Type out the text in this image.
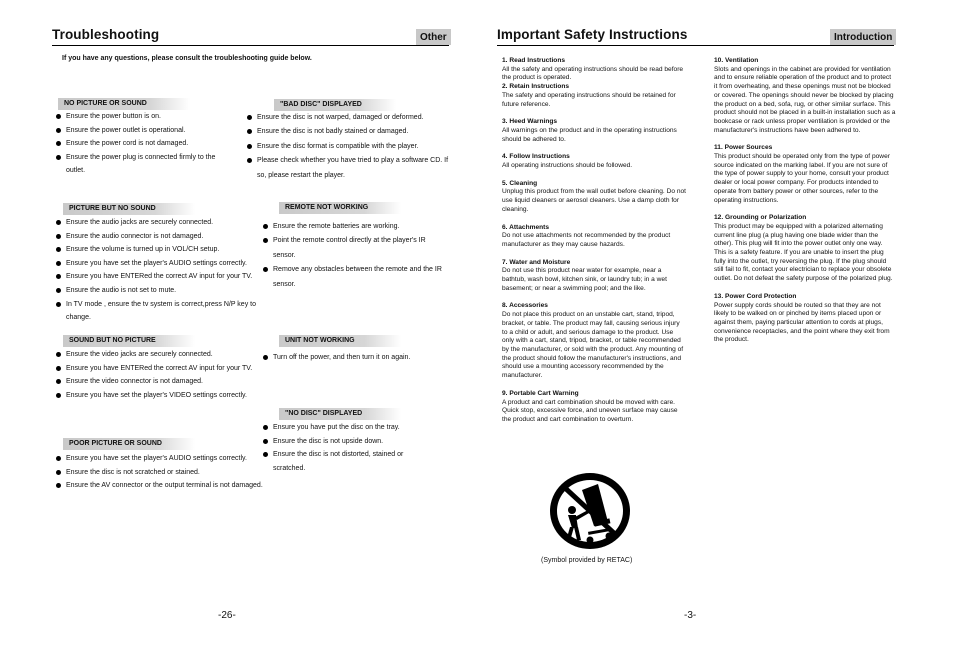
Troubleshooting	Other
If you have any questions, please consult the troubleshooting guide below.
NO PICTURE OR SOUND
Ensure the power button is on.
Ensure the power outlet is operational.
Ensure the power cord is not damaged.
Ensure the power plug is connected firmly to the outlet.
PICTURE BUT NO SOUND
Ensure the audio jacks are securely connected.
Ensure the audio connector is not damaged.
Ensure the volume is turned up in VOL/CH setup.
Ensure you have set the player's AUDIO settings correctly.
Ensure you have ENTERed the correct AV input for your TV.
Ensure the audio is not set to mute.
In TV mode , ensure the tv system is correct,press N/P key to change.
SOUND BUT NO PICTURE
Ensure the video jacks are securely connected.
Ensure you have ENTERed the correct AV input for your TV.
Ensure the video connector is not damaged.
Ensure you have set the player's VIDEO settings correctly.
POOR PICTURE OR SOUND
Ensure you have set the player's AUDIO settings correctly.
Ensure the disc is not scratched or stained.
Ensure the AV connector or the output terminal is not damaged.
"BAD DISC" DISPLAYED
Ensure the disc is not warped, damaged or deformed.
Ensure the disc is not badly stained or damaged.
Ensure the disc format is compatible with the player.
Please check whether you have tried to play a software CD. If so, please restart the player.
REMOTE NOT WORKING
Ensure the remote batteries are working.
Point the remote control directly at the player's IR sensor.
Remove any obstacles between the remote and the IR sensor.
UNIT NOT WORKING
Turn off the power, and then turn it on again.
"NO DISC" DISPLAYED
Ensure you have put the disc on the tray.
Ensure the disc is not upside down.
Ensure the disc is not distorted, stained or scratched.
-26-
Important Safety Instructions	Introduction
1. Read Instructions

All the safety and operating instructions should be read before the product is operated.

2. Retain Instructions

The safety and operating instructions should be retained for future reference.

3. Heed Warnings

All warnings on the product and in the operating instructions should be adhered to.

4. Follow Instructions

All operating instructions should be followed.

5. Cleaning

Unplug this product from the wall outlet before cleaning. Do not use liquid cleaners or aerosol cleaners. Use a damp cloth for cleaning.

6. Attachments

Do not use attachments not recommended by the product manufacturer as they may cause hazards.

7. Water and Moisture

Do not use this product near water for example, near a bathtub, wash bowl, kitchen sink, or laundry tub; in a wet basement; or near a swimming pool; and the like.

8. Accessories

Do not place this product on an unstable cart, stand, tripod, bracket, or table. The product may fall, causing serious injury to a child or adult, and serious damage to the product. Use only with a cart, stand, tripod, bracket, or table recommended by the manufacturer, or sold with the product. Any mounting of the product should follow the manufacturer's instructions, and should use a mounting accessory recommended by the manufacturer.

9. Portable Cart Warning

A product and cart combination should be moved with care. Quick stop, excessive force, and uneven surface may cause the product and cart combination to overturn.

10. Ventilation

Slots and openings in the cabinet are provided for ventilation and to ensure reliable operation of the product and to protect it from overheating, and these openings must not be blocked or covered. The openings should never be blocked by placing the product on a bed, sofa, rug, or other similar surface. This product should not be placed in a built-in installation such as a bookcase or rack unless proper ventilation is provided or the manufacturer's instructions have been adhered to.

11. Power Sources

This product should be operated only from the type of power source indicated on the marking label. If you are not sure of the type of power supply to your home, consult your product dealer or local power company. For products intended to operate from battery power or other sources, refer to the operating instructions.

12. Grounding or Polarization

This product may be equipped with a polarized alternating current line plug (a plug having one blade wider than the other). This plug will fit into the power outlet only one way. This is a safety feature. If you are unable to insert the plug fully into the outlet, try reversing the plug. If the plug should still fail to fit, contact your electrician to replace your obsolete outlet. Do not defeat the safety purpose of the polarized plug.

13. Power Cord Protection

Power supply cords should be routed so that they are not likely to be walked on or pinched by items placed upon or against them, paying particular attention to cords at plugs, convenience receptacles, and the point where they exit from the product.

(Symbol provided by RETAC)
-3-
